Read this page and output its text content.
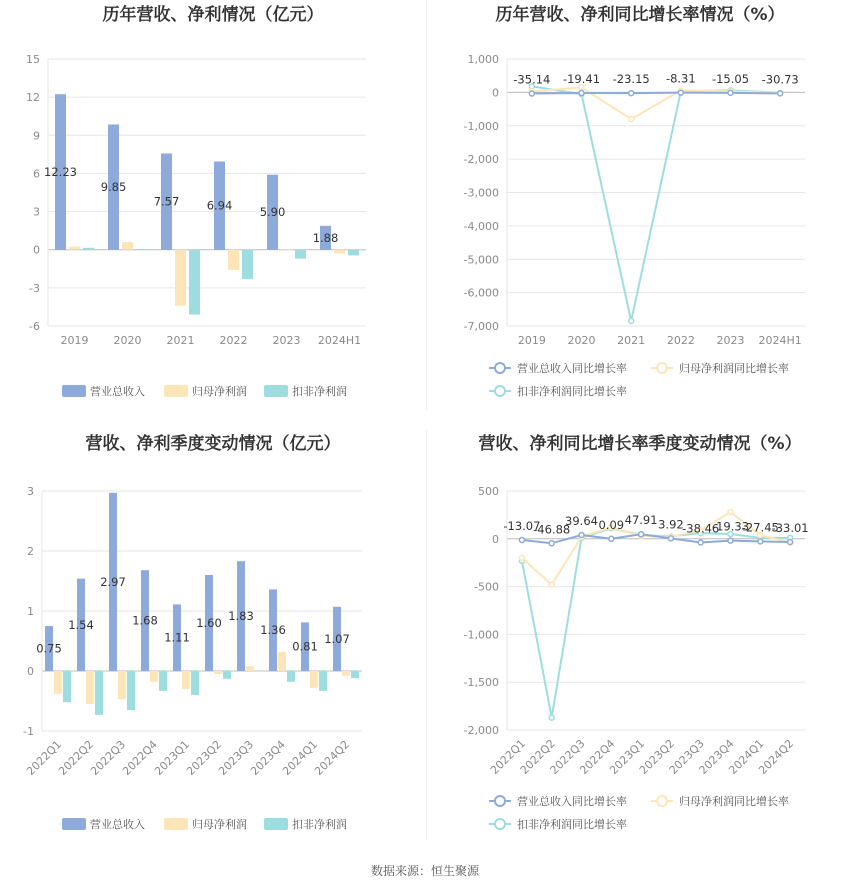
历年营收、净利情况（亿元）
-6
-3
0
3
6
9
12
15
12.23
2019
9.85
2020
7.57
2021
6.94
2022
5.90
2023
1.88
2024H1
营业总收入	归母净利润	扣非净利润
历年营收、净利同比增长率情况（%）
-7,000
-6,000
-5,000
-4,000
-3,000
-2,000
-1,000
0
1,000
2019 2020 2021 2022 2023 2024H1
-35.14 -19.41 -23.15 -8.31 -15.05 -30.73
营业总收入同比增长率	归母净利润同比增长率
扣非净利润同比增长率
营收、净利季度变动情况（亿元）
-1
0
1
2
3
0.75
2022Q1
1.54
2022Q2
2.97
2022Q3
1.68
2022Q4
1.11
2023Q1
1.60
2023Q2
1.83
2023Q3
1.36
2023Q4
0.81
2024Q1
1.07
2024Q2
营业总收入	归母净利润	扣非净利润
营收、净利同比增长率季度变动情况（%）
-2,000
-1,500
-1,000
-500
0
500
2022Q1
2022Q2
2022Q3
2022Q4
2023Q1
2023Q2
2023Q3
2023Q4
2024Q1
2024Q2
-13.07
-46.88
39.64 0.09 47.91 3.92
-38.46
-19.33
-27.45
-33.01
营业总收入同比增长率	归母净利润同比增长率
扣非净利润同比增长率
数据来源：恒生聚源
